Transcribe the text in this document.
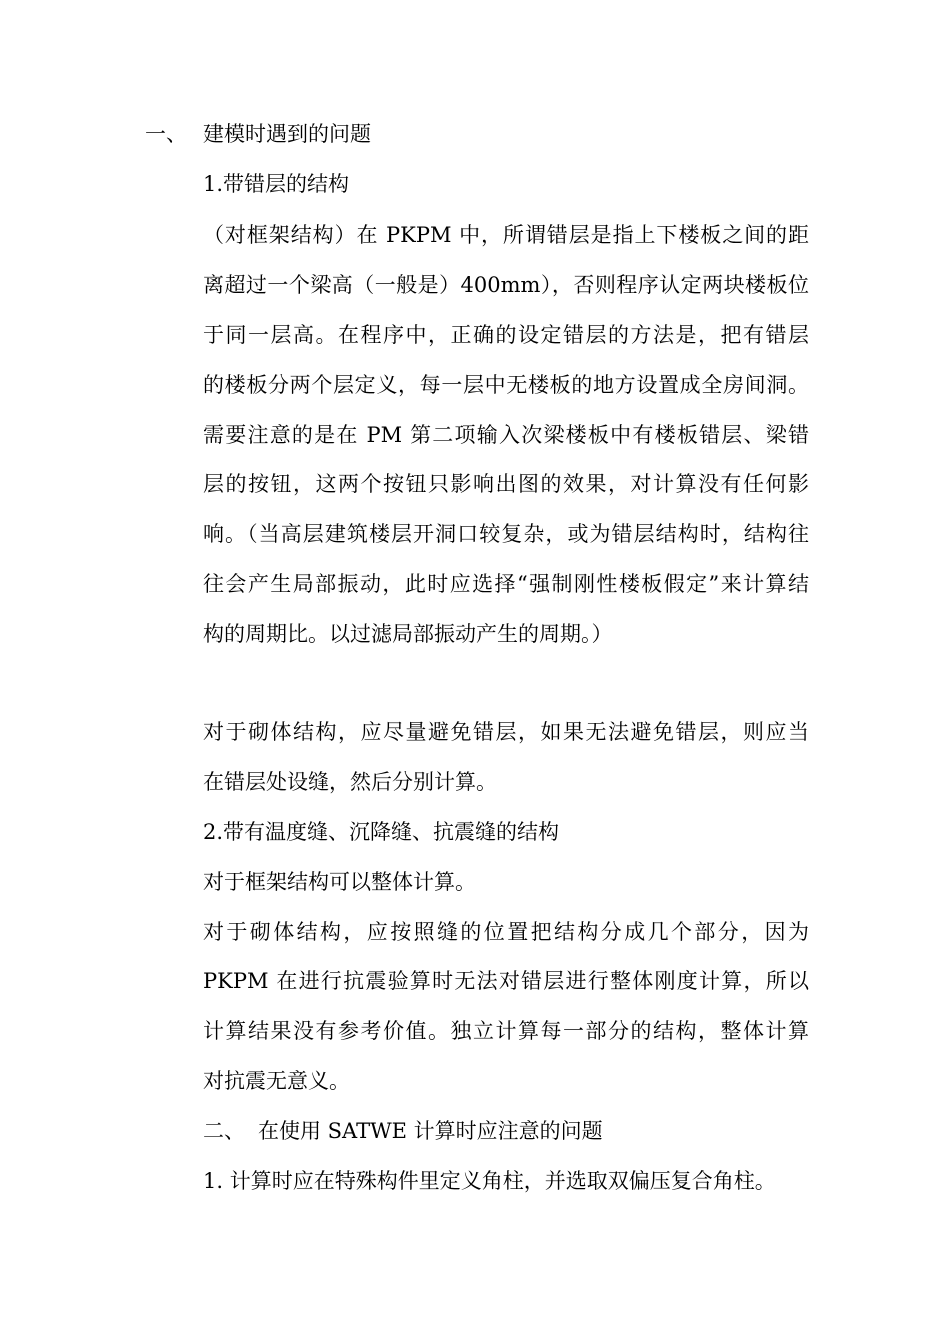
一、 建模时遇到的问题
1.带错层的结构
（对框架结构）在 PKPM 中，所谓错层是指上下楼板之间的距
离超过一个梁高（一般是）400mm），否则程序认定两块楼板位
于同一层高。在程序中，正确的设定错层的方法是，把有错层
的楼板分两个层定义，每一层中无楼板的地方设置成全房间洞。
需要注意的是在 PM 第二项输入次梁楼板中有楼板错层、梁错
层的按钮，这两个按钮只影响出图的效果，对计算没有任何影
响。（当高层建筑楼层开洞口较复杂，或为错层结构时，结构往
往会产生局部振动，此时应选择“强制刚性楼板假定”来计算结
构的周期比。以过滤局部振动产生的周期。）
对于砌体结构，应尽量避免错层，如果无法避免错层，则应当
在错层处设缝，然后分别计算。
2.带有温度缝、沉降缝、抗震缝的结构
对于框架结构可以整体计算。
对于砌体结构，应按照缝的位置把结构分成几个部分，因为
PKPM 在进行抗震验算时无法对错层进行整体刚度计算，所以
计算结果没有参考价值。独立计算每一部分的结构，整体计算
对抗震无意义。
二、 在使用 SATWE 计算时应注意的问题
1. 计算时应在特殊构件里定义角柱，并选取双偏压复合角柱。
